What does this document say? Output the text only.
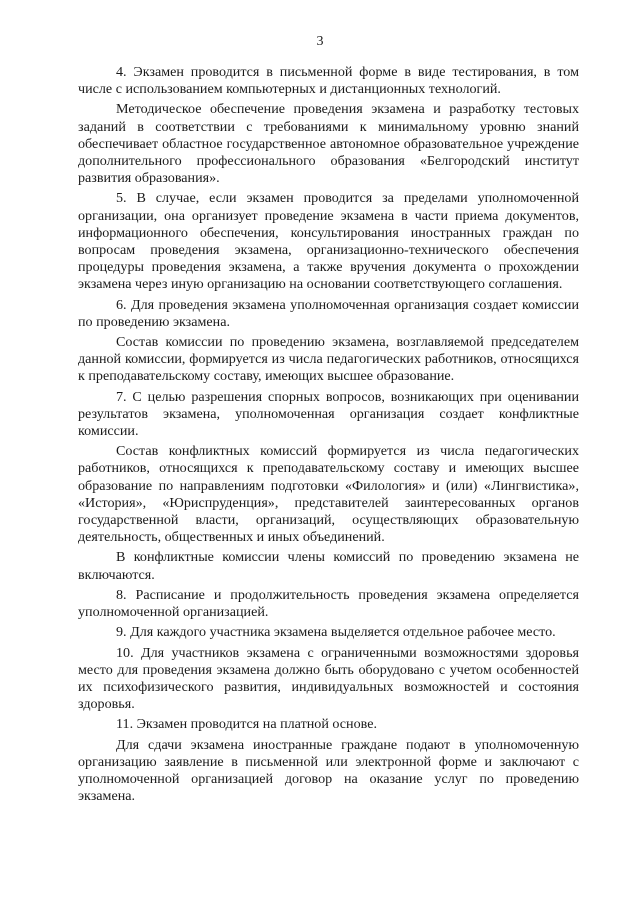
3

4. Экзамен проводится в письменной форме в виде тестирования, в том числе с использованием компьютерных и дистанционных технологий.

Методическое обеспечение проведения экзамена и разработку тестовых заданий в соответствии с требованиями к минимальному уровню знаний обеспечивает областное государственное автономное образовательное учреждение дополнительного профессионального образования «Белгородский институт развития образования».

5. В случае, если экзамен проводится за пределами уполномоченной организации, она организует проведение экзамена в части приема документов, информационного обеспечения, консультирования иностранных граждан по вопросам проведения экзамена, организационно-технического обеспечения процедуры проведения экзамена, а также вручения документа о прохождении экзамена через иную организацию на основании соответствующего соглашения.

6. Для проведения экзамена уполномоченная организация создает комиссии по проведению экзамена.

Состав комиссии по проведению экзамена, возглавляемой председателем данной комиссии, формируется из числа педагогических работников, относящихся к преподавательскому составу, имеющих высшее образование.

7. С целью разрешения спорных вопросов, возникающих при оценивании результатов экзамена, уполномоченная организация создает конфликтные комиссии.

Состав конфликтных комиссий формируется из числа педагогических работников, относящихся к преподавательскому составу и имеющих высшее образование по направлениям подготовки «Филология» и (или) «Лингвистика», «История», «Юриспруденция», представителей заинтересованных органов государственной власти, организаций, осуществляющих образовательную деятельность, общественных и иных объединений.

В конфликтные комиссии члены комиссий по проведению экзамена не включаются.

8. Расписание и продолжительность проведения экзамена определяется уполномоченной организацией.

9. Для каждого участника экзамена выделяется отдельное рабочее место.

10. Для участников экзамена с ограниченными возможностями здоровья место для проведения экзамена должно быть оборудовано с учетом особенностей их психофизического развития, индивидуальных возможностей и состояния здоровья.

11. Экзамен проводится на платной основе.

Для сдачи экзамена иностранные граждане подают в уполномоченную организацию заявление в письменной или электронной форме и заключают с уполномоченной организацией договор на оказание услуг по проведению экзамена.
